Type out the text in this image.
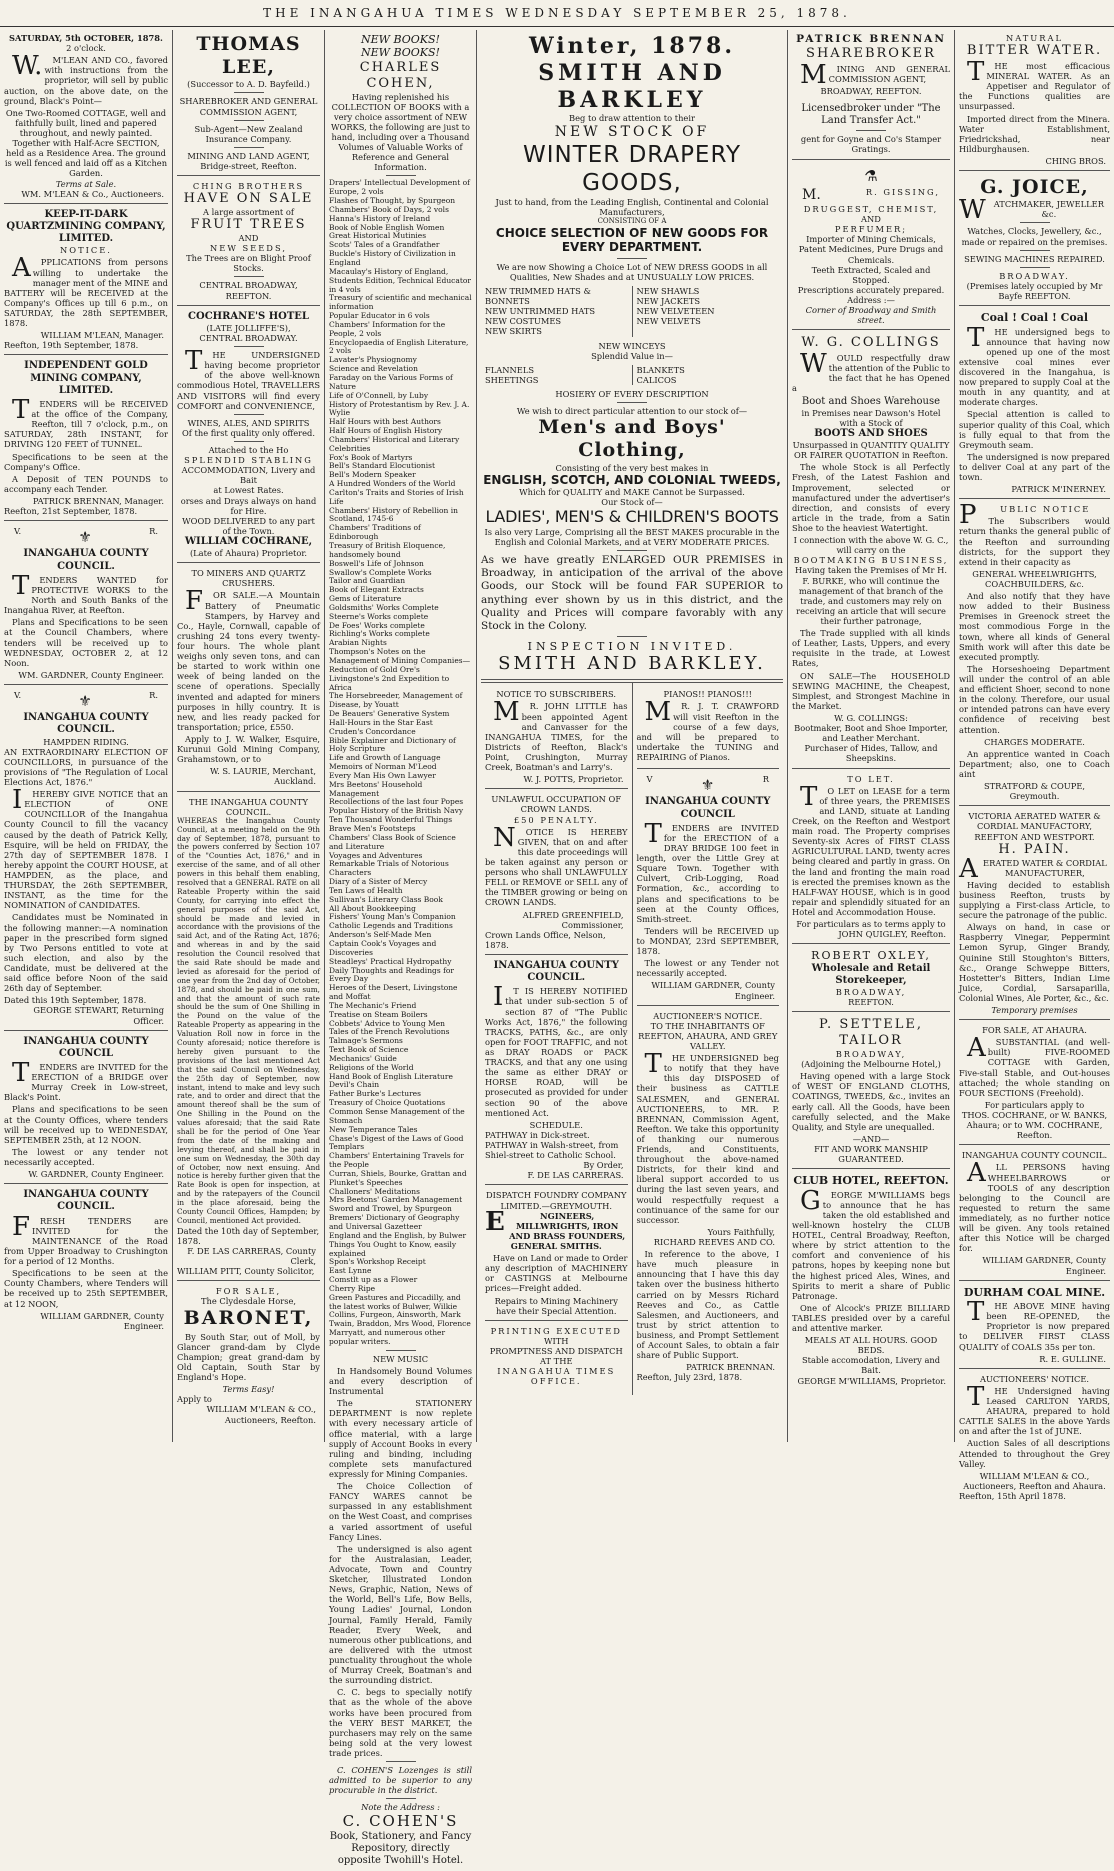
THE INANGAHUA TIMES WEDNESDAY SEPTEMBER 25, 1878.
SATURDAY, 5th OCTOBER, 1878.
2 o'clock.
W.M'LEAN AND CO., favored with instructions from the proprietor, will sell by public auction, on the above date, on the ground, Black's Point—
One Two-Roomed COTTAGE, well and faithfully built, lined and papered throughout, and newly painted.
Together with Half-Acre SECTION, held as a Residence Area. The ground is well fenced and laid off as a Kitchen Garden.
Terms at Sale.
WM. M'LEAN & Co., Auctioneers.
KEEP-IT-DARK QUARTZMINING COMPANY, LIMITED.
NOTICE.
APPLICATIONS from persons willing to undertake the manager ment of the MINE and BATTERY will be RECEIVED at the Company's Offices up till 6 p.m., on SATURDAY, the 28th SEPTEMBER, 1878.
WILLIAM M'LEAN, Manager.
Reefton, 19th September, 1878.
INDEPENDENT GOLD MINING COMPANY, LIMITED.
TENDERS will be RECEIVED at the office of the Company, Reefton, till 7 o'clock, p.m., on SATURDAY, 28th INSTANT, for DRIVING 120 FEET of TUNNEL.
Specifications to be seen at the Company's Office.
A Deposit of TEN POUNDS to accompany each Tender.
PATRICK BRENNAN, Manager.
Reefton, 21st September, 1878.
V.	⚜	R.
INANGAHUA COUNTY COUNCIL.
TENDERS WANTED for PROTECTIVE WORKS to the North and South Banks of the Inangahua River, at Reefton.
Plans and Specifications to be seen at the Council Chambers, where tenders will be received up to WEDNESDAY, OCTOBER 2, at 12 Noon.
WM. GARDNER, County Engineer.
V.	⚜	R.
INANGAHUA COUNTY COUNCIL.
HAMPDEN RIDING.
AN EXTRAORDINARY ELECTION OF COUNCILLORS, in pursuance of the provisions of "The Regulation of Local Elections Act, 1876."
IHEREBY GIVE NOTICE that an ELECTION of ONE COUNCILLOR of the Inangahua County Council to fill the vacancy caused by the death of Patrick Kelly, Esquire, will be held on FRIDAY, the 27th day of SEPTEMBER 1878. I hereby appoint the COURT HOUSE, at HAMPDEN, as the place, and THURSDAY, the 26th SEPTEMBER, INSTANT, as the time for the NOMINATION of CANDIDATES.
Candidates must be Nominated in the following manner:—A nomination paper in the prescribed form signed by Two Persons entitled to vote at such election, and also by the Candidate, must be delivered at the said office before Noon of the said 26th day of September.
Dated this 19th September, 1878.
GEORGE STEWART, Returning Officer.
INANGAHUA COUNTY COUNCIL
TENDERS are INVITED for the ERECTION of a BRIDGE over Murray Creek in Low-street, Black's Point.
Plans and specifications to be seen at the County Offices, where tenders will be received up to WEDNESDAY, SEPTEMBER 25th, at 12 NOON.
The lowest or any tender not necessarily accepted.
W. GARDNER, County Engineer.
INANGAHUA COUNTY COUNCIL.
FRESH TENDERS are INVITED for the MAINTENANCE of the Road from Upper Broadway to Crushington for a period of 12 Months.
Specifications to be seen at the County Chambers, where Tenders will be received up to 25th SEPTEMBER, at 12 NOON,
WILLIAM GARDNER, County Engineer.
THOMAS LEE,
(Successor to A. D. Bayfeild.)
SHAREBROKER AND GENERAL COMMISSION AGENT,
Sub-Agent—New Zealand Insurance Company.
MINING AND LAND AGENT,
Bridge-street, Reefton.
CHING BROTHERS
HAVE ON SALE
A large assortment of
FRUIT TREES
AND
NEW SEEDS,
The Trees are on Blight Proof Stocks.
CENTRAL BROADWAY,
REEFTON.
COCHRANE'S HOTEL
(LATE JOLLIFFE'S),
CENTRAL BROADWAY.
THE UNDERSIGNED having become proprietor of the above well-known commodious Hotel, TRAVELLERS AND VISITORS will find every COMFORT and CONVENIENCE,
WINES, ALES, AND SPIRITS
Of the first quality only offered.
Attached to the Ho
SPLENDID STABLING
ACCOMMODATION, Livery and Bait
at Lowest Rates.
orses and Drays always on hand for Hire.
WOOD DELIVERED to any part of the Town.
WILLIAM COCHRANE,
(Late of Ahaura) Proprietor.
TO MINERS AND QUARTZ CRUSHERS.
FOR SALE.—A Mountain Battery of Pneumatic Stampers, by Harvey and Co., Hayle, Cornwall, capable of crushing 24 tons every twenty-four hours. The whole plant weighs only seven tons, and can be started to work within one week of being landed on the scene of operations. Specially invented and adapted for miners purposes in hilly country. It is new, and lies ready packed for transportation; price, £550.
Apply to J. W. Walker, Esquire, Kurunui Gold Mining Company, Grahamstown, or to
W. S. LAURIE, Merchant, Auckland.
THE INANGAHUA COUNTY COUNCIL.
WHEREAS the Inangahua County Council, at a meeting held on the 9th day of September, 1878, pursuant to the powers conferred by Section 107 of the "Counties Act, 1876," and in exercise of the same, and of all other powers in this behalf them enabling, resolved that a GENERAL RATE on all Rateable Property within the said County, for carrying into effect the general purposes of the said Act, should be made and levied in accordance with the provisions of the said Act, and of the Rating Act, 1876; and whereas in and by the said resolution the Council resolved that the said Rate should be made and levied as aforesaid for the period of one year from the 2nd day of October, 1878, and should be paid in one sum, and that the amount of such rate should be the sum of One Shilling in the Pound on the value of the Rateable Property as appearing in the Valuation Roll now in force in the County aforesaid; notice therefore is hereby given pursuant to the provisions of the last mentioned Act that the said Council on Wednesday, the 25th day of September, now instant, intend to make and levy such rate, and to order and direct that the amount thereof shall be the sum of One Shilling in the Pound on the values aforesaid; that the said Rate shall be for the period of One Year from the date of the making and levying thereof, and shall be paid in one sum on Wednesday, the 30th day of October, now next ensuing. And notice is hereby further given that the Rate Book is open for inspection, at and by the ratepayers of the Council in the place aforesaid, being the County Council Offices, Hampden; by Council, mentioned Act provided.
Dated the 10th day of September, 1878.
F. DE LAS CARRERAS, County Clerk,
WILLIAM PITT, County Solicitor,
FOR SALE,
The Clydesdale Horse,
BARONET,
By South Star, out of Moll, by Glancer grand-dam by Clyde Champion; great grand-dam by Old Captain, South Star by England's Hope.
Terms Easy!
Apply to
WILLIAM M'LEAN & CO., Auctioneers, Reefton.
NEW BOOKS!
NEW BOOKS!
CHARLES COHEN,
Having replenished his COLLECTION OF BOOKS with a very choice assortment of NEW WORKS, the following are just to hand, including over a Thousand Volumes of Valuable Works of Reference and General Information.
Drapers' Intellectual Development of Europe, 2 vols
Flashes of Thought, by Spurgeon
Chambers' Book of Days, 2 vols
Hanna's History of Ireland
Book of Noble English Women
Great Historical Mutinies
Scots' Tales of a Grandfather
Buckle's History of Civilization in England
Macaulay's History of England, Students Edition, Technical Educator in 4 vols
Treasury of scientific and mechanical information
Popular Educator in 6 vols
Chambers' Information for the People, 2 vols
Encyclopaedia of English Literature, 2 vols
Lavater's Physiognomy
Science and Revelation
Faraday on the Various Forms of Nature
Life of O'Connell, by Luby
History of Protestantism by Rev. J. A. Wylie
Half Hours with best Authors
Half Hours of English History
Chambers' Historical and Literary Celebrities
Fox's Book of Martyrs
Bell's Standard Elocutionist
Bell's Modern Speaker
A Hundred Wonders of the World
Carlton's Traits and Stories of Irish Life
Chambers' History of Rebellion in Scotland, 1745-6
Chambers' Traditions of Edinborough
Treasury of British Eloquence, handsomely bound
Boswell's Life of Johnson
Swallow's Complete Works
Tailor and Guardian
Book of Elegant Extracts
Gems of Literature
Goldsmiths' Works Complete
Steerne's Works complete
De Foes' Works complete
Richling's Works complete
Arabian Nights
Thompson's Notes on the Management of Mining Companies—Reduction of Gold Ore's
Livingstone's 2nd Expedition to Africa
The Horsebreeder, Management of Disease, by Youatt
De Beauers' Generative System
Hall-Hours in the Star East
Cruden's Concordance
Bible Explainer and Dictionary of Holy Scripture
Life and Growth of Language
Memoirs of Norman M'Leod
Every Man His Own Lawyer
Mrs Beetons' Household Management
Recollections of the last four Popes
Popular History of the British Navy
Ten Thousand Wonderful Things
Brave Men's Footsteps
Chambers' Class Book of Science and Literature
Voyages and Adventures
Remarkable Trials of Notorious Characters
Diary of a Sister of Mercy
Ten Laws of Health
Sullivan's Literary Class Book
All About Bookkeeping
Fishers' Young Man's Companion
Catholic Legends and Traditions
Anderson's Self-Made Men
Captain Cook's Voyages and Discoveries
Steadleys' Practical Hydropathy
Daily Thoughts and Readings for Every Day
Heroes of the Desert, Livingstone and Moffat
The Mechanic's Friend
Treatise on Steam Boilers
Cobbets' Advice to Young Men
Tales of the French Revolutions
Talmage's Sermons
Text Book of Science
Mechanics' Guide
Religions of the World
Hand Book of English Literature
Devil's Chain
Father Burke's Lectures
Treasury of Choice Quotations
Common Sense Management of the Stomach
New Temperance Tales
Chase's Digest of the Laws of Good Templars
Chambers' Entertaining Travels for the People
Curran, Shiels, Bourke, Grattan and Plunket's Speeches
Challoners' Meditations
Mrs Beetons' Garden Management
Sword and Trowel, by Spurgeon
Bremers' Dictionary of Geography and Universal Gazetteer
England and the English, by Bulwer
Things You Ought to Know, easily explained
Spon's Workshop Receipt
East Lynne
Comstlt up as a Flower
Cherry Ripe
Green Pastures and Piccadilly, and the latest works of Bulwer, Wilkie Collins, Furgeon, Ainsworth, Mark Twain, Braddon, Mrs Wood, Florence Marryatt, and numerous other popular writers.
NEW MUSIC
In Handsomely Bound Volumes and every description of Instrumental
The STATIONERY DEPARTMENT is now replete with every necessary article of office material, with a large supply of Account Books in every ruling and binding, including complete sets manufactured expressly for Mining Companies.
The Choice Collection of FANCY WARES cannot be surpassed in any establishment on the West Coast, and comprises a varied assortment of useful Fancy Lines.
The undersigned is also agent for the Australasian, Leader, Advocate, Town and Country Sketcher, Illustrated London News, Graphic, Nation, News of the World, Bell's Life, Bow Bells, Young Ladies' Journal, London Journal, Family Herald, Family Reader, Every Week, and numerous other publications, and are delivered with the utmost punctuality throughout the whole of Murray Creek, Boatman's and the surrounding district.
C. C. begs to specially notify that as the whole of the above works have been procured from the VERY BEST MARKET, the purchasers may rely on the same being sold at the very lowest trade prices.
C. COHEN'S Lozenges is still admitted to be superior to any procurable in the district.
Note the Address :
C. COHEN'S
Book, Stationery, and Fancy Repository, directly opposite Twohill's Hotel.
Winter, 1878.
SMITH AND BARKLEY
Beg to draw attention to their
NEW STOCK OF
WINTER DRAPERY GOODS,
Just to hand, from the Leading English, Continental and Colonial Manufacturers,
CONSISTING OF A
CHOICE SELECTION OF NEW GOODS FOR EVERY DEPARTMENT.
We are now Showing a Choice Lot of NEW DRESS GOODS in all Qualities, New Shades and at UNUSUALLY LOW PRICES.
NEW TRIMMED HATS & BONNETS
NEW UNTRIMMED HATS
NEW COSTUMES
NEW SKIRTS
NEW SHAWLS
NEW JACKETS
NEW VELVETEEN
NEW VELVETS
NEW WINCEYS
Splendid Value in—
FLANNELS
SHEETINGS
BLANKETS
CALICOS
HOSIERY OF EVERY DESCRIPTION
We wish to direct particular attention to our stock of—
Men's and Boys' Clothing,
Consisting of the very best makes in
ENGLISH, SCOTCH, AND COLONIAL TWEEDS,
Which for QUALITY and MAKE Cannot be Surpassed.
Our Stock of—
LADIES', MEN'S & CHILDREN'S BOOTS
Is also very Large, Comprising all the BEST MAKES procurable in the English and Colonial Markets, and at VERY MODERATE PRICES.
As we have greatly ENLARGED OUR PREMISES in Broadway, in anticipation of the arrival of the above Goods, our Stock will be found FAR SUPERIOR to anything ever shown by us in this district, and the Quality and Prices will compare favorably with any Stock in the Colony.
INSPECTION INVITED.
SMITH AND BARKLEY.
NOTICE TO SUBSCRIBERS.
MR. JOHN LITTLE has been appointed Agent and Canvasser for the INANGAHUA TIMES, for the Districts of Reefton, Black's Point, Crushington, Murray Creek, Boatman's and Larry's.
W. J. POTTS, Proprietor.
UNLAWFUL OCCUPATION OF CROWN LANDS.
£50 PENALTY.
NOTICE IS HEREBY GIVEN, that on and after this date proceedings will be taken against any person or persons who shall UNLAWFULLY FELL or REMOVE or SELL any of the TIMBER growing or being on CROWN LANDS.
ALFRED GREENFIELD, Commissioner,
Crown Lands Office, Nelson, 1878.
INANGAHUA COUNTY COUNCIL.
IT IS HEREBY NOTIFIED that under sub-section 5 of section 87 of "The Public Works Act, 1876," the following TRACKS, PATHS, &c., are only open for FOOT TRAFFIC, and not as DRAY ROADS or PACK TRACKS, and that any one using the same as either DRAY or HORSE ROAD, will be prosecuted as provided for under section 90 of the above mentioned Act.
SCHEDULE.
PATHWAY in Dick-street.
PATHWAY in Walsh-street, from Shiel-street to Catholic School.
By Order,
F. DE LAS CARRERAS.
DISPATCH FOUNDRY COMPANY LIMITED.—GREYMOUTH.
ENGINEERS, MILLWRIGHTS, IRON AND BRASS FOUNDERS, GENERAL SMITHS.
Have on Land or made to Order any description of MACHINERY or CASTINGS at Melbourne prices—Freight added.
Repairs to Mining Machinery have their Special Attention.
PRINTING EXECUTED
WITH
PROMPTNESS AND DISPATCH
AT THE
INANGAHUA TIMES OFFICE.
PIANOS!! PIANOS!!!
MR. J. T. CRAWFORD will visit Reefton in the course of a few days, and will be prepared to undertake the TUNING and REPAIRING of Pianos.
V	⚜	R
INANGAHUA COUNTY COUNCIL
TENDERS are INVITED for the ERECTION of a DRAY BRIDGE 100 feet in length, over the Little Grey at Square Town. Together with Culvert, Crib-Logging, Road Formation, &c., according to plans and specifications to be seen at the County Offices, Smith-street.
Tenders will be RECEIVED up to MONDAY, 23rd SEPTEMBER, 1878.
The lowest or any Tender not necessarily accepted.
WILLIAM GARDNER, County Engineer.
AUCTIONEER'S NOTICE.
TO THE INHABITANTS OF REEFTON, AHAURA, AND GREY VALLEY.
THE UNDERSIGNED beg to notify that they have this day DISPOSED of their business as CATTLE SALESMEN, and GENERAL AUCTIONEERS, to MR. P. BRENNAN, Commission Agent, Reefton. We take this opportunity of thanking our numerous Friends, and Constituents, throughout the above-named Districts, for their kind and liberal support accorded to us during the last seven years, and would respectfully request a continuance of the same for our successor.
Yours Faithfully,
RICHARD REEVES AND CO.
In reference to the above, I have much pleasure in announcing that I have this day taken over the business hitherto carried on by Messrs Richard Reeves and Co., as Cattle Salesmen, and Auctioneers, and trust by strict attention to business, and Prompt Settlement of Account Sales, to obtain a fair share of Public Support.
PATRICK BRENNAN.
Reefton, July 23rd, 1878.
PATRICK BRENNAN
SHAREBROKER
MINING AND GENERAL COMMISSION AGENT,
BROADWAY, REEFTON.
Licensedbroker under "The Land Transfer Act."
gent for Goyne and Co's Stamper Gratings.
⚗
M.	R. GISSING,
DRUGGEST, CHEMIST,
AND
PERFUMER;
Importer of Mining Chemicals, Patent Medicines, Pure Drugs and Chemicals.
Teeth Extracted, Scaled and Stopped.
Prescriptions accurately prepared.
Address :—
Corner of Broadway and Smith street.
W. G. COLLINGS
WOULD respectfully draw the attention of the Public to the fact that he has Opened a
Boot and Shoes Warehouse
in Premises near Dawson's Hotel with a Stock of
BOOTS AND SHOES
Unsurpassed in QUANTITY QUALITY OR FAIRER QUOTATION in Reefton.
The whole Stock is all Perfectly Fresh, of the Latest Fashion and Improvement, selected or manufactured under the advertiser's direction, and consists of every article in the trade, from a Satin Shoe to the heaviest Watertight.
I connection with the above W. G. C., will carry on the
BOOTMAKING BUSINESS,
Having taken the Premises of Mr H. F. BURKE, who will continue the management of that branch of the trade, and customers may rely on receiving an article that will secure their further patronage,
The Trade supplied with all kinds of Leather, Lasts, Uppers, and every requisite in the trade, at Lowest Rates,
ON SALE—The HOUSEHOLD SEWING MACHINE, the Cheapest, Simplest, and Strongest Machine in the Market.
W. G. COLLINGS:
Bootmaker, Boot and Shoe Importer, and Leather Merchant.
Purchaser of Hides, Tallow, and Sheepskins.
TO LET.
TO LET on LEASE for a term of three years, the PREMISES and LAND, situate at Landing Creek, on the Reefton and Westport main road. The Property comprises Seventy-six Acres of FIRST CLASS AGRICULTURAL LAND, twenty acres being cleared and partly in grass. On the land and fronting the main road is erected the premises known as the HALF-WAY HOUSE, which is in good repair and splendidly situated for an Hotel and Accommodation House.
For particulars as to terms apply to
JOHN QUIGLEY, Reefton.
ROBERT OXLEY,
Wholesale and Retail
Storekeeper,
BROADWAY,
REEFTON.
P. SETTELE,
TAILOR
BROADWAY,
(Adjoining the Melbourne Hotel,)
Having opened with a large Stock of WEST OF ENGLAND CLOTHS, COATINGS, TWEEDS, &c., invites an early call. All the Goods, have been carefully selected, and the Make Quality, and Style are unequalled.
—AND—
FIT AND WORK MANSHIP GUARANTEED.
CLUB HOTEL, REEFTON.
GEORGE M'WILLIAMS begs to announce that he has taken the old established and well-known hostelry the CLUB HOTEL, Central Broadway, Reefton, where by strict attention to the comfort and convenience of his patrons, hopes by keeping none but the highest priced Ales, Wines, and Spirits to merit a share of Public Patronage.
One of Alcock's PRIZE BILLIARD TABLES presided over by a careful and attentive marker.
MEALS AT ALL HOURS. GOOD BEDS.
Stable accomodation, Livery and Bait.
GEORGE M'WILLIAMS, Proprietor.
NATURAL
BITTER WATER.
THE most efficacious MINERAL WATER. As an Appetiser and Regulator of the Functions qualities are unsurpassed.
Imported direct from the Minera. Water Establishment, Friedrickshad, near Hildburghausen.
CHING BROS.
G. JOICE,
WATCHMAKER, JEWELLER &c.
Watches, Clocks, Jewellery, &c., made or repaired on the premises.
SEWING MACHINES REPAIRED.
BROADWAY.
(Premises lately occupied by Mr Bayfe REEFTON.
Coal ! Coal ! Coal
THE undersigned begs to announce that having now opened up one of the most extensive coal mines ever discovered in the Inangahua, is now prepared to supply Coal at the mouth in any quantity, and at moderate charges.
Special attention is called to superior quality of this Coal, which is fully equal to that from the Greymouth seam.
The undersigned is now prepared to deliver Coal at any part of the town.
PATRICK M'INERNEY.
PUBLIC NOTICE
The Subscribers would return thanks the general public of the Reefton and surrounding districts, for the support they extend in their capacity as
GENERAL WHEELWRIGHTS, COACHBUILDERS, &c.
And also notify that they have now added to their Business Premises in Greenock street the most commodious Forge in the town, where all kinds of General Smith work will after this date be executed promptly.
The Horseshoeing Department will under the control of an able and efficient Shoer, second to none in the colony. Therefore, our usual or intended patrons can have every confidence of receiving best attention.
CHARGES MODERATE.
An apprentice wanted in Coach Department; also, one to Coach aint
STRATFORD & COUPE,
Greymouth.
VICTORIA AERATED WATER & CORDIAL MANUFACTORY,
REEFTON AND WESTPORT.
H. PAIN.
AERATED WATER & CORDIAL MANUFACTURER,
Having decided to establish business Reefton, trusts by supplying a First-class Article, to secure the patronage of the public.
Always on hand, in case or Raspberry Vinegar, Peppermint Lemon Syrup, Ginger Brandy, Quinine Still Stoughton's Bitters, &c., Orange Schweppe Bitters, Hostetter's Bitters, Indian Lime Juice, Cordial, Sarsaparilla, Colonial Wines, Ale Porter, &c., &c.
Temporary premises
FOR SALE, AT AHAURA.
ASUBSTANTIAL (and well-built) FIVE-ROOMED COTTAGE with Garden, Five-stall Stable, and Out-houses attached; the whole standing on FOUR SECTIONS (Freehold).
For particulars apply to
THOS. COCHRANE, or W. BANKS, Ahaura; or to WM. COCHRANE, Reefton.
INANGAHUA COUNTY COUNCIL.
ALL PERSONS having WHEELBARROWS or TOOLS of any description belonging to the Council are requested to return the same immediately, as no further notice will be given. Any tools retained after this Notice will be charged for.
WILLIAM GARDNER, County Engineer.
DURHAM COAL MINE.
THE ABOVE MINE having been RE-OPENED, the Proprietor is now prepared to DELIVER FIRST CLASS QUALITY of COALS 35s per ton.
R. E. GULLINE.
AUCTIONEERS' NOTICE.
THE Undersigned having Leased CARLTON YARDS, AHAURA, prepared to hold CATTLE SALES in the above Yards on and after the 1st of JUNE.
Auction Sales of all descriptions Attended to throughout the Grey Valley.
WILLIAM M'LEAN & CO., Auctioneers, Reefton and Ahaura.
Reefton, 15th April 1878.
